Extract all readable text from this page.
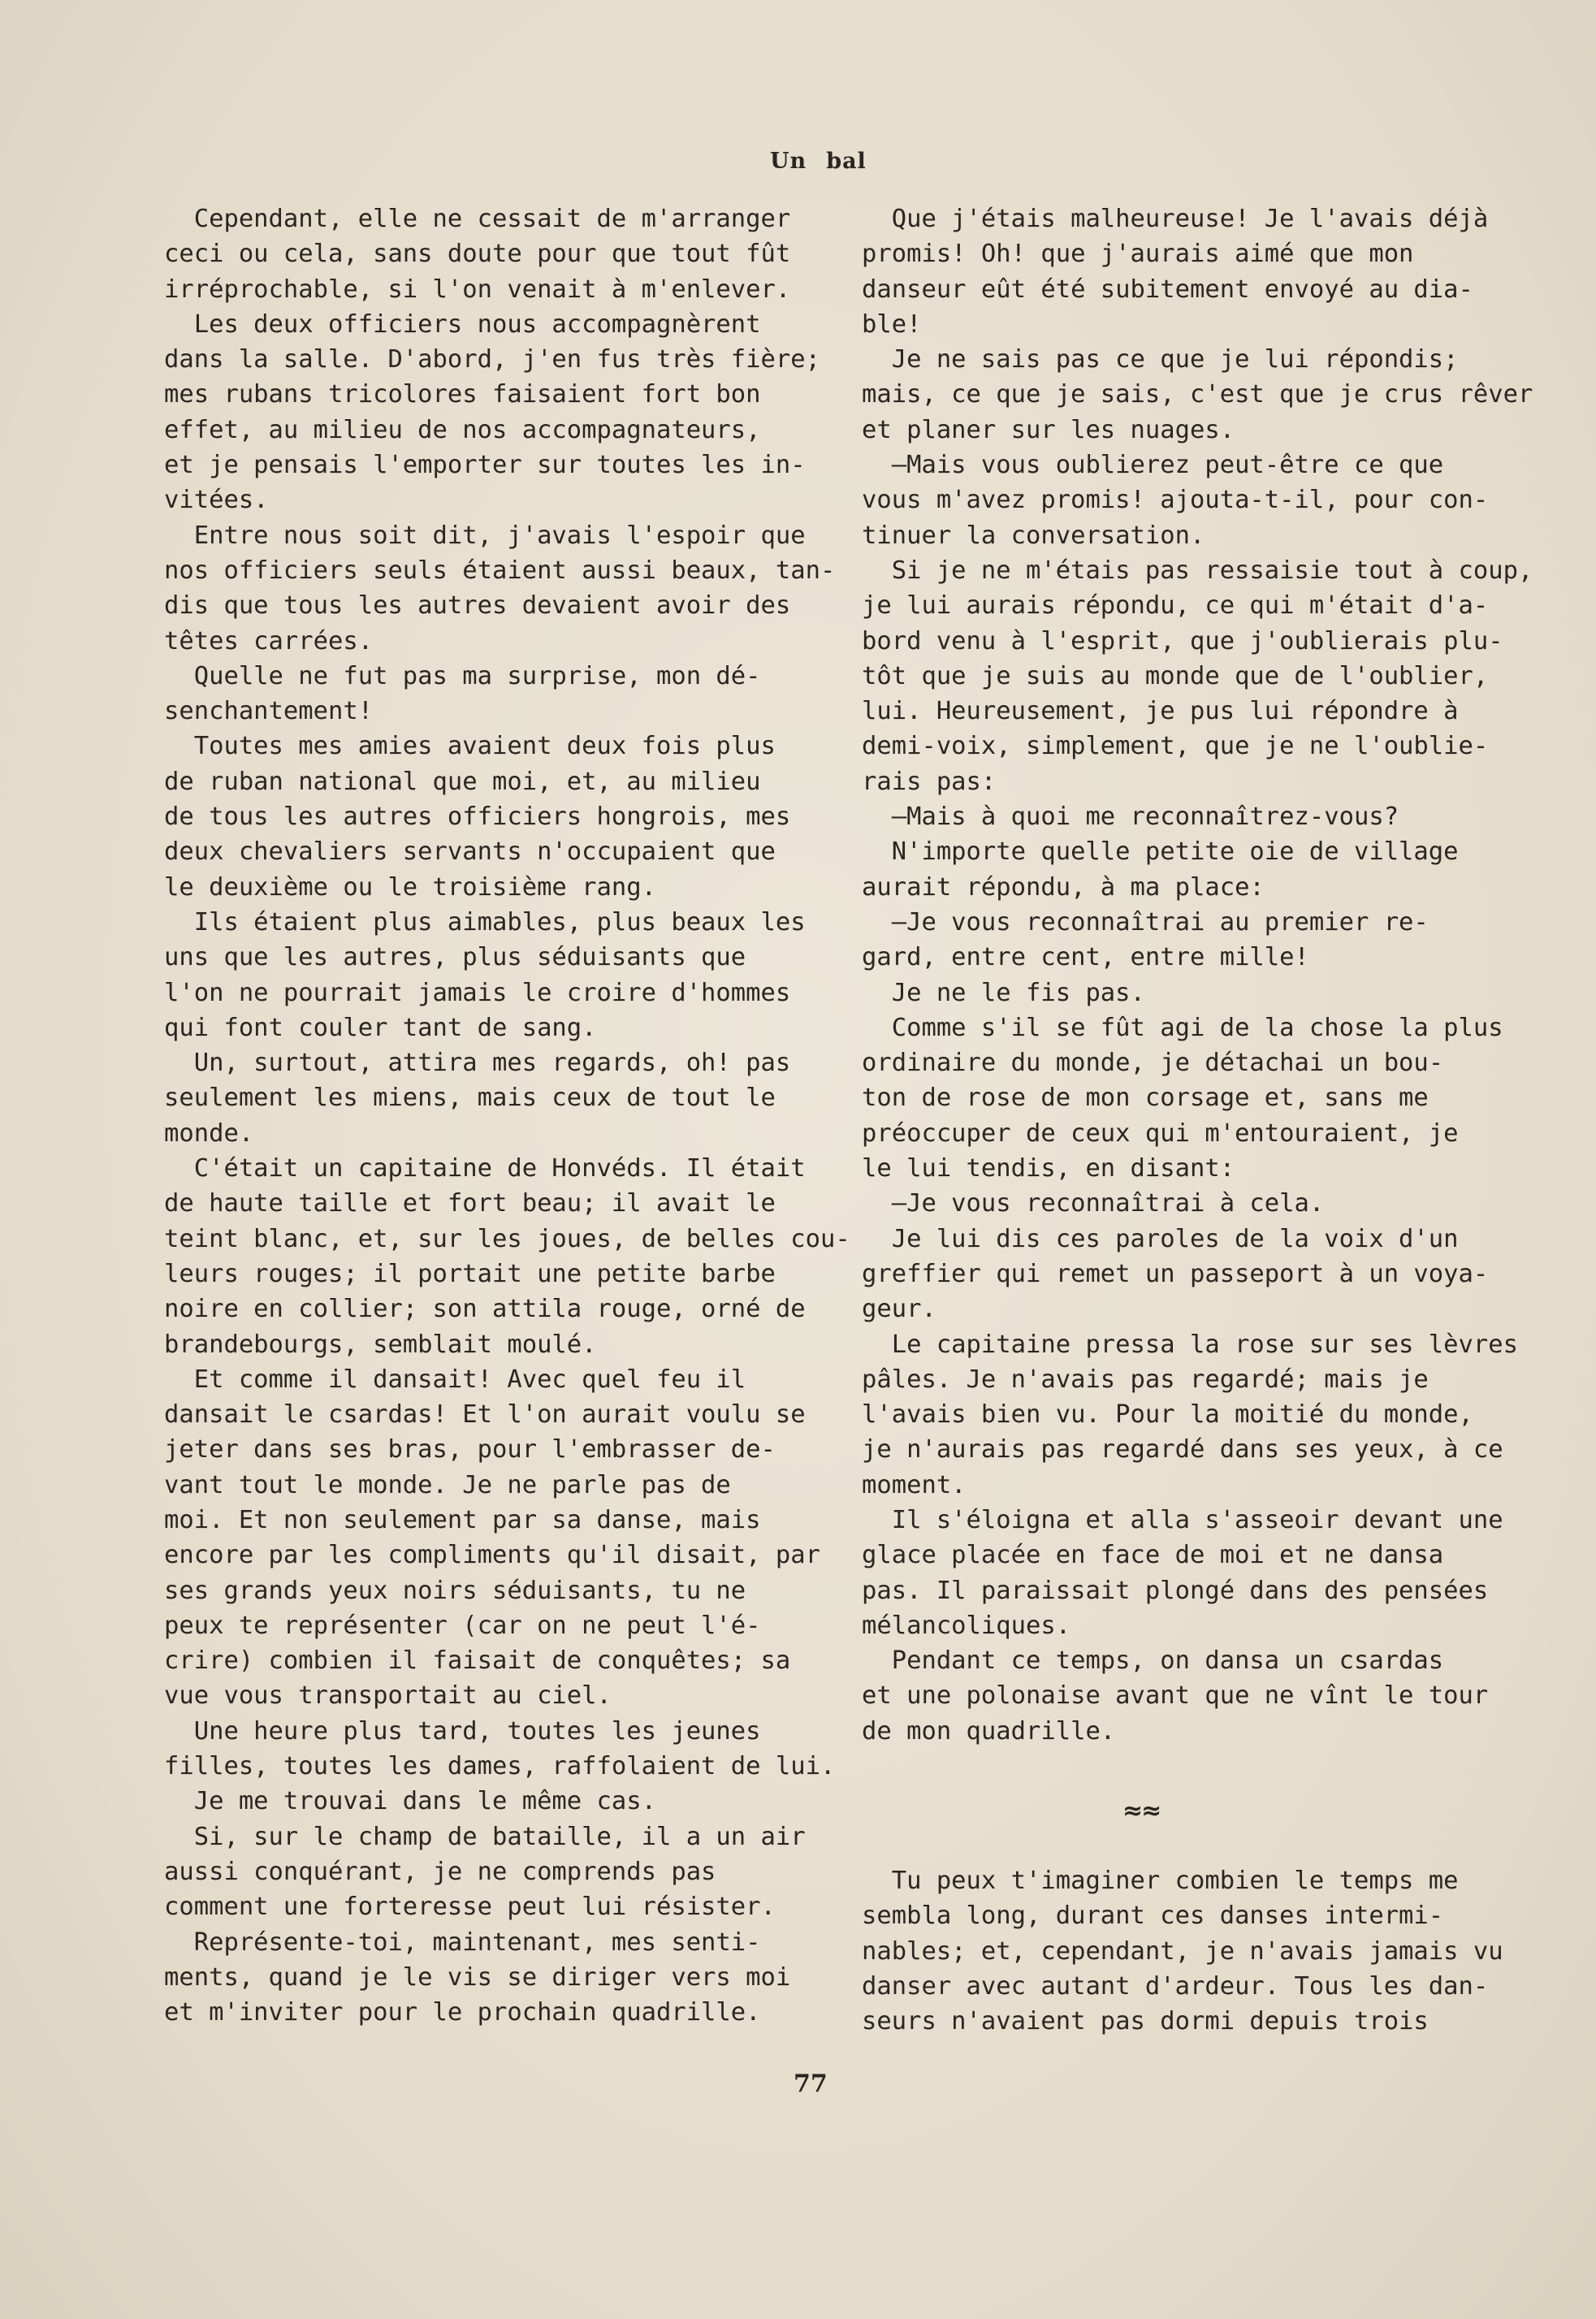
Un bal
Cependant, elle ne cessait de m'arranger
ceci ou cela, sans doute pour que tout fût
irréprochable, si l'on venait à m'enlever.
Les deux officiers nous accompagnèrent
dans la salle. D'abord, j'en fus très fière;
mes rubans tricolores faisaient fort bon
effet, au milieu de nos accompagnateurs,
et je pensais l'emporter sur toutes les in-
vitées.
Entre nous soit dit, j'avais l'espoir que
nos officiers seuls étaient aussi beaux, tan-
dis que tous les autres devaient avoir des
têtes carrées.
Quelle ne fut pas ma surprise, mon dé-
senchantement!
Toutes mes amies avaient deux fois plus
de ruban national que moi, et, au milieu
de tous les autres officiers hongrois, mes
deux chevaliers servants n'occupaient que
le deuxième ou le troisième rang.
Ils étaient plus aimables, plus beaux les
uns que les autres, plus séduisants que
l'on ne pourrait jamais le croire d'hommes
qui font couler tant de sang.
Un, surtout, attira mes regards, oh! pas
seulement les miens, mais ceux de tout le
monde.
C'était un capitaine de Honvéds. Il était
de haute taille et fort beau; il avait le
teint blanc, et, sur les joues, de belles cou-
leurs rouges; il portait une petite barbe
noire en collier; son attila rouge, orné de
brandebourgs, semblait moulé.
Et comme il dansait! Avec quel feu il
dansait le csardas! Et l'on aurait voulu se
jeter dans ses bras, pour l'embrasser de-
vant tout le monde. Je ne parle pas de
moi. Et non seulement par sa danse, mais
encore par les compliments qu'il disait, par
ses grands yeux noirs séduisants, tu ne
peux te représenter (car on ne peut l'é-
crire) combien il faisait de conquêtes; sa
vue vous transportait au ciel.
Une heure plus tard, toutes les jeunes
filles, toutes les dames, raffolaient de lui.
Je me trouvai dans le même cas.
Si, sur le champ de bataille, il a un air
aussi conquérant, je ne comprends pas
comment une forteresse peut lui résister.
Représente-toi, maintenant, mes senti-
ments, quand je le vis se diriger vers moi
et m'inviter pour le prochain quadrille.
Que j'étais malheureuse! Je l'avais déjà
promis! Oh! que j'aurais aimé que mon
danseur eût été subitement envoyé au dia-
ble!
Je ne sais pas ce que je lui répondis;
mais, ce que je sais, c'est que je crus rêver
et planer sur les nuages.
—Mais vous oublierez peut-être ce que
vous m'avez promis! ajouta-t-il, pour con-
tinuer la conversation.
Si je ne m'étais pas ressaisie tout à coup,
je lui aurais répondu, ce qui m'était d'a-
bord venu à l'esprit, que j'oublierais plu-
tôt que je suis au monde que de l'oublier,
lui. Heureusement, je pus lui répondre à
demi-voix, simplement, que je ne l'oublie-
rais pas:
—Mais à quoi me reconnaîtrez-vous?
N'importe quelle petite oie de village
aurait répondu, à ma place:
—Je vous reconnaîtrai au premier re-
gard, entre cent, entre mille!
Je ne le fis pas.
Comme s'il se fût agi de la chose la plus
ordinaire du monde, je détachai un bou-
ton de rose de mon corsage et, sans me
préoccuper de ceux qui m'entouraient, je
le lui tendis, en disant:
—Je vous reconnaîtrai à cela.
Je lui dis ces paroles de la voix d'un
greffier qui remet un passeport à un voya-
geur.
Le capitaine pressa la rose sur ses lèvres
pâles. Je n'avais pas regardé; mais je
l'avais bien vu. Pour la moitié du monde,
je n'aurais pas regardé dans ses yeux, à ce
moment.
Il s'éloigna et alla s'asseoir devant une
glace placée en face de moi et ne dansa
pas. Il paraissait plongé dans des pensées
mélancoliques.
Pendant ce temps, on dansa un csardas
et une polonaise avant que ne vînt le tour
de mon quadrille.
≈≈
Tu peux t'imaginer combien le temps me
sembla long, durant ces danses intermi-
nables; et, cependant, je n'avais jamais vu
danser avec autant d'ardeur. Tous les dan-
seurs n'avaient pas dormi depuis trois
77
